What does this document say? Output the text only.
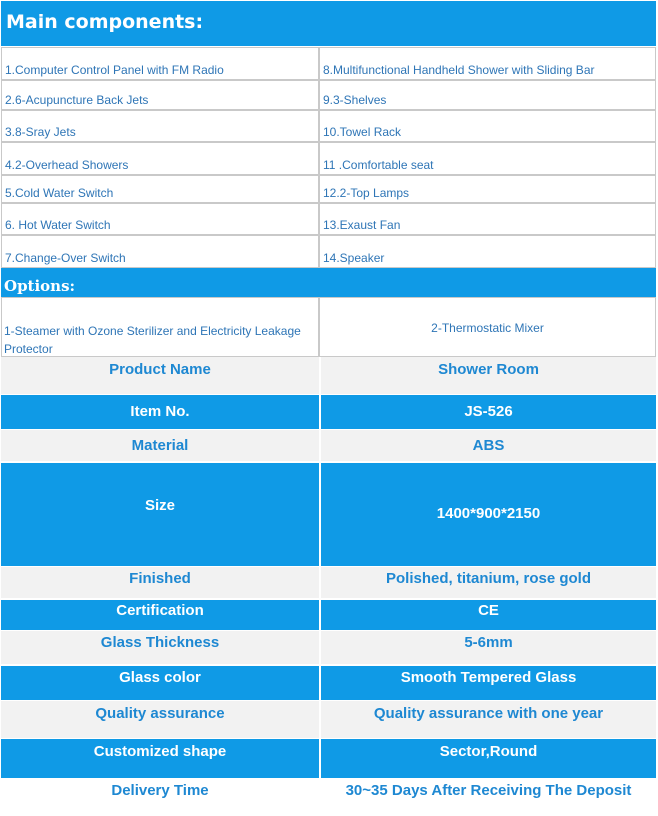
Main components:
1.Computer Control Panel with FM Radio	8.Multifunctional Handheld Shower with Sliding Bar
2.6-Acupuncture Back Jets	9.3-Shelves
3.8-Sray Jets	10.Towel Rack
4.2-Overhead Showers	11 .Comfortable seat
5.Cold Water Switch	12.2-Top Lamps
6. Hot Water Switch	13.Exaust Fan
7.Change-Over Switch	14.Speaker
Options:
1-Steamer with Ozone Sterilizer and Electricity Leakage Protector
2-Thermostatic Mixer
Product Name	Shower Room
Item No.	JS-526
Material	ABS
Size	1400*900*2150
Finished	Polished, titanium, rose gold
Certification	CE
Glass Thickness	5-6mm
Glass color	Smooth Tempered Glass
Quality assurance	Quality assurance with one year
Customized shape	Sector,Round
Delivery Time	30~35 Days After Receiving The Deposit
